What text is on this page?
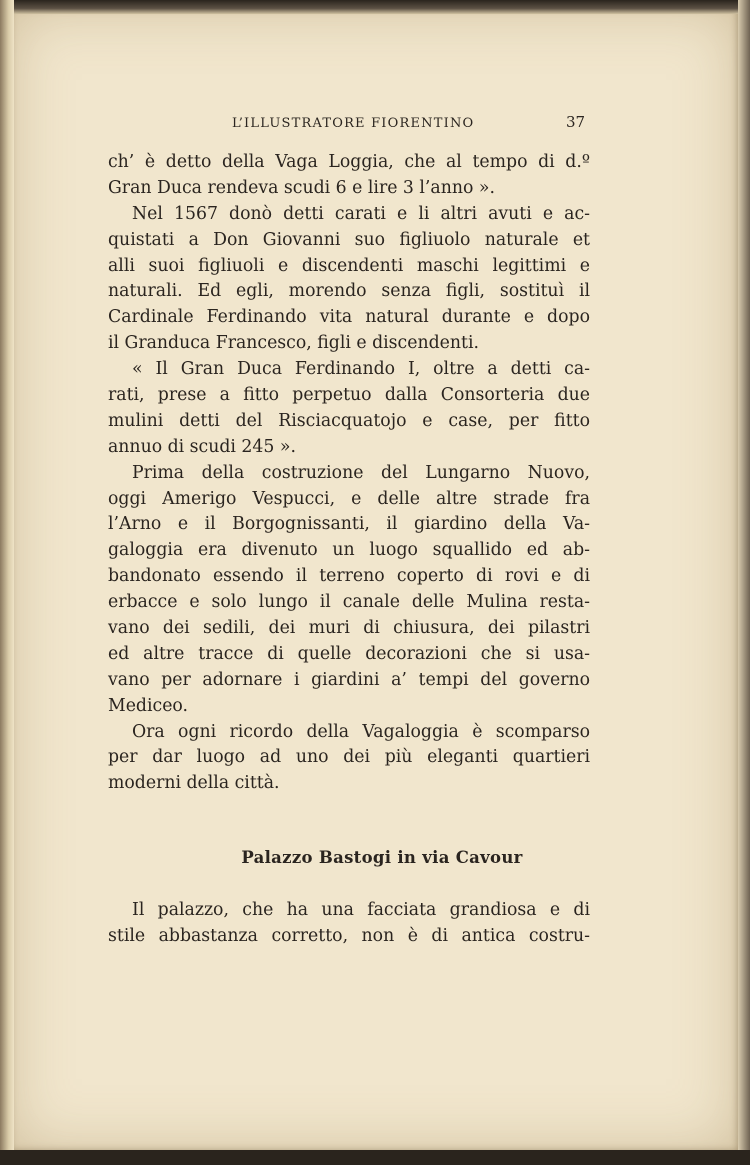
L’ILLUSTRATORE FIORENTINO	37
ch’ è detto della Vaga Loggia, che al tempo di d.º
Gran Duca rendeva scudi 6 e lire 3 l’anno ».
Nel 1567 donò detti carati e li altri avuti e ac-
quistati a Don Giovanni suo figliuolo naturale et
alli suoi figliuoli e discendenti maschi legittimi e
naturali. Ed egli, morendo senza figli, sostituì il
Cardinale Ferdinando vita natural durante e dopo
il Granduca Francesco, figli e discendenti.
« Il Gran Duca Ferdinando I, oltre a detti ca-
rati, prese a fitto perpetuo dalla Consorteria due
mulini detti del Risciacquatojo e case, per fitto
annuo di scudi 245 ».
Prima della costruzione del Lungarno Nuovo,
oggi Amerigo Vespucci, e delle altre strade fra
l’Arno e il Borgognissanti, il giardino della Va-
galoggia era divenuto un luogo squallido ed ab-
bandonato essendo il terreno coperto di rovi e di
erbacce e solo lungo il canale delle Mulina resta-
vano dei sedili, dei muri di chiusura, dei pilastri
ed altre tracce di quelle decorazioni che si usa-
vano per adornare i giardini a’ tempi del governo
Mediceo.
Ora ogni ricordo della Vagaloggia è scomparso
per dar luogo ad uno dei più eleganti quartieri
moderni della città.
Palazzo Bastogi in via Cavour
Il palazzo, che ha una facciata grandiosa e di
stile abbastanza corretto, non è di antica costru-
